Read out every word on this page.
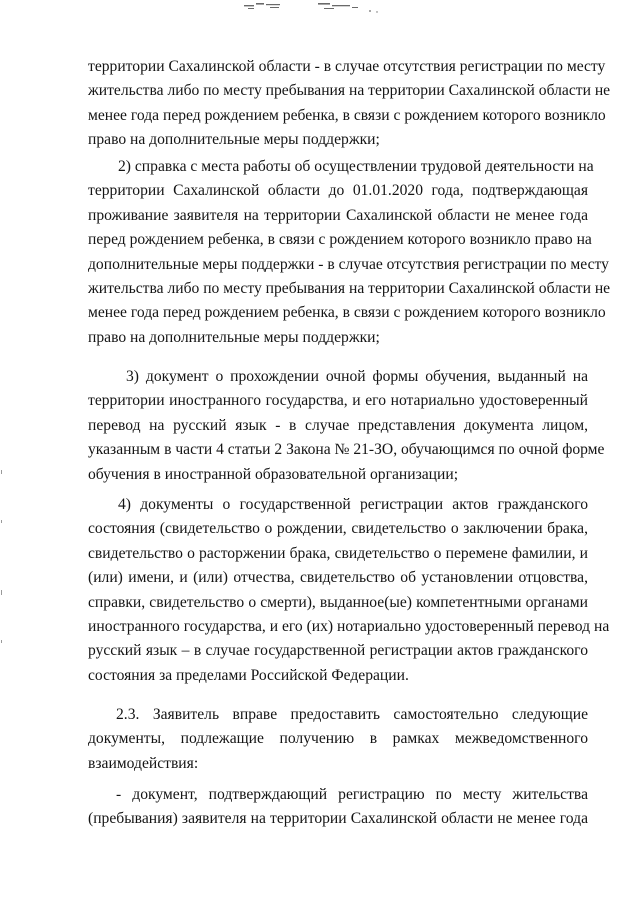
территории Сахалинской области - в случае отсутствия регистрации по месту
жительства либо по месту пребывания на территории Сахалинской области не
менее года перед рождением ребенка, в связи с рождением которого возникло
право на дополнительные меры поддержки;
2) справка с места работы об осуществлении трудовой деятельности на
территории Сахалинской области до 01.01.2020 года, подтверждающая
проживание заявителя на территории Сахалинской области не менее года
перед рождением ребенка, в связи с рождением которого возникло право на
дополнительные меры поддержки - в случае отсутствия регистрации по месту
жительства либо по месту пребывания на территории Сахалинской области не
менее года перед рождением ребенка, в связи с рождением которого возникло
право на дополнительные меры поддержки;
3) документ о прохождении очной формы обучения, выданный на
территории иностранного государства, и его нотариально удостоверенный
перевод на русский язык - в случае представления документа лицом,
указанным в части 4 статьи 2 Закона № 21-ЗО, обучающимся по очной форме
обучения в иностранной образовательной организации;
4) документы о государственной регистрации актов гражданского
состояния (свидетельство о рождении, свидетельство о заключении брака,
свидетельство о расторжении брака, свидетельство о перемене фамилии, и
(или) имени, и (или) отчества, свидетельство об установлении отцовства,
справки, свидетельство о смерти), выданное(ые) компетентными органами
иностранного государства, и его (их) нотариально удостоверенный перевод на
русский язык – в случае государственной регистрации актов гражданского
состояния за пределами Российской Федерации.
2.3. Заявитель вправе предоставить самостоятельно следующие
документы, подлежащие получению в рамках межведомственного
взаимодействия:
- документ, подтверждающий регистрацию по месту жительства
(пребывания) заявителя на территории Сахалинской области не менее года
